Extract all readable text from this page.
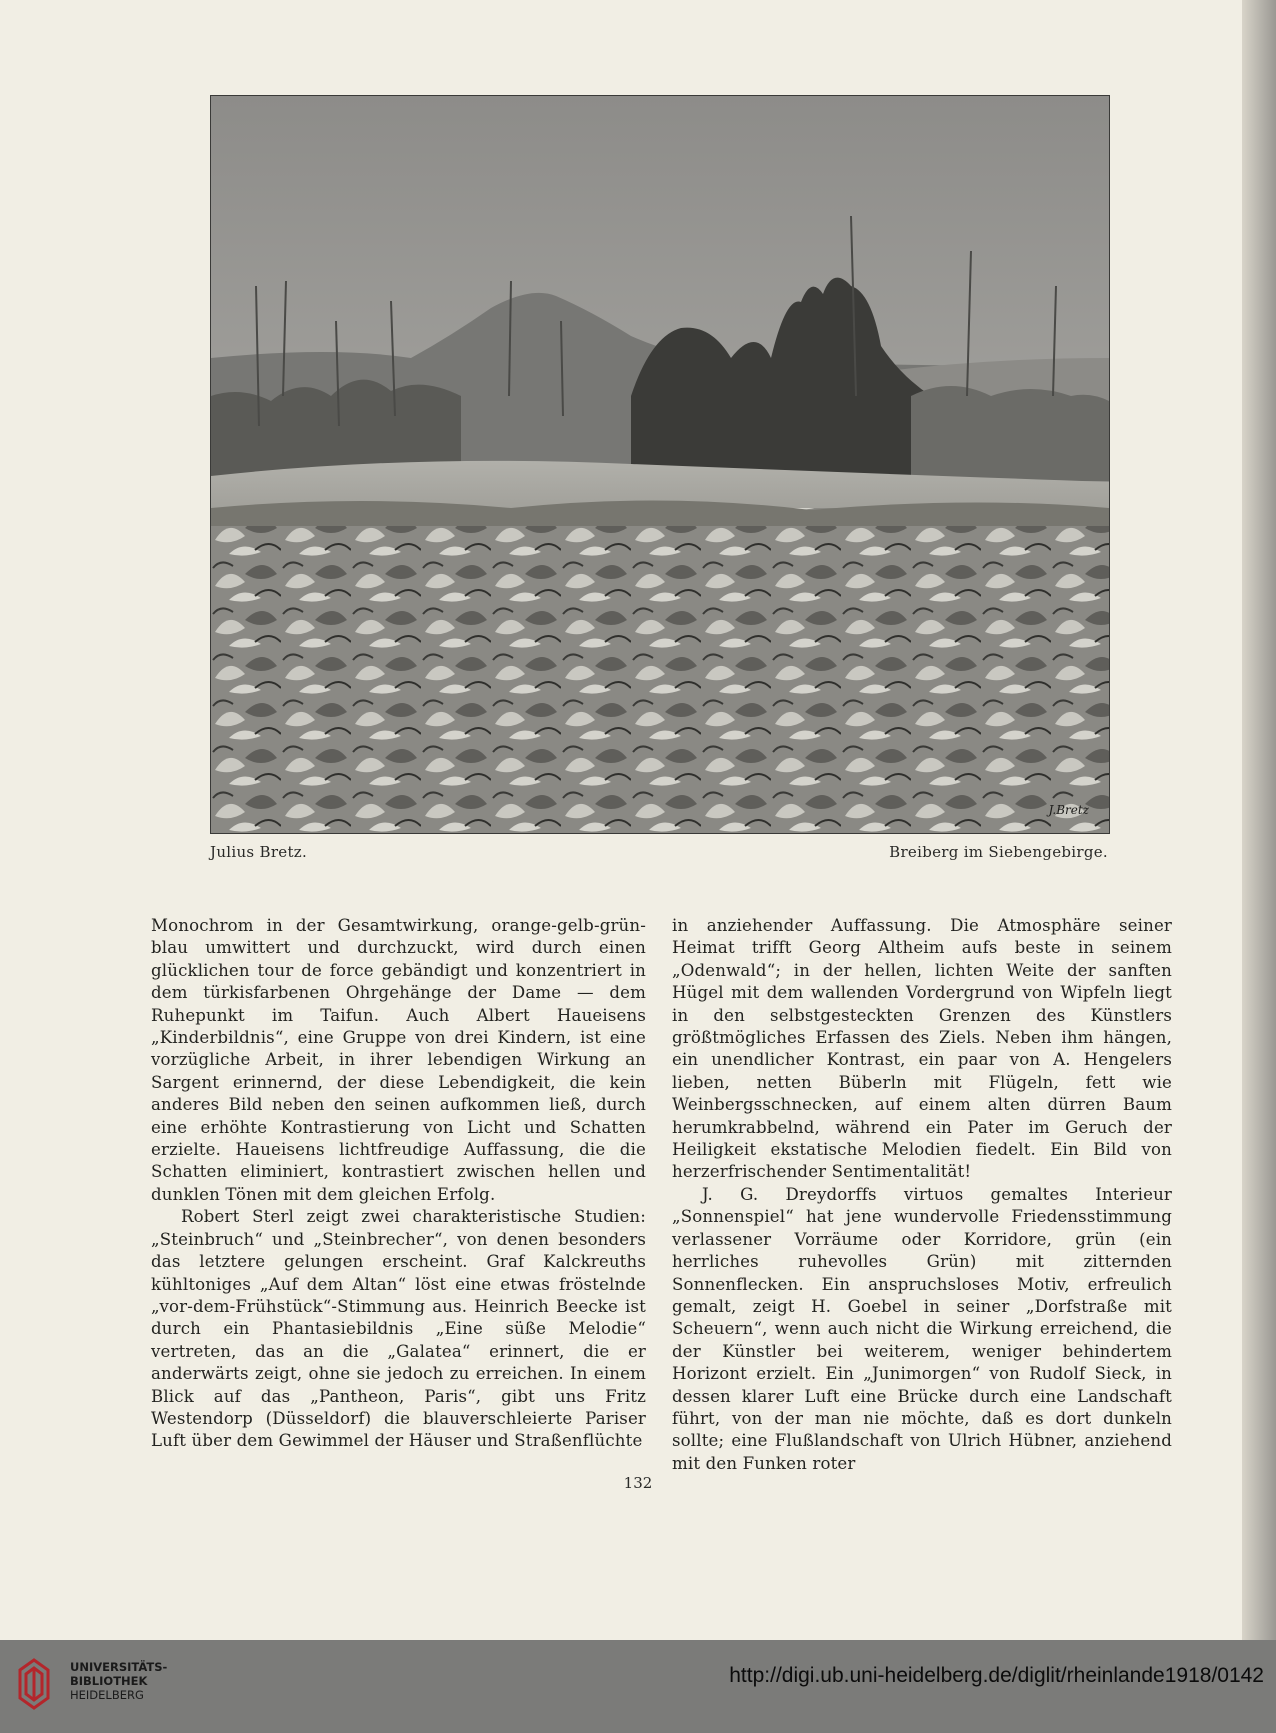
J.Bretz
Julius Bretz.	Breiberg im Siebengebirge.

Monochrom in der Gesamtwirkung, orange-gelb-grün-blau umwittert und durchzuckt, wird durch einen glücklichen tour de force gebändigt und konzentriert in dem türkisfarbenen Ohrgehänge der Dame — dem Ruhepunkt im Taifun. Auch Albert Haueisens „Kinderbildnis“, eine Gruppe von drei Kindern, ist eine vorzügliche Arbeit, in ihrer lebendigen Wirkung an Sargent erinnernd, der diese Lebendigkeit, die kein anderes Bild neben den seinen aufkommen ließ, durch eine erhöhte Kontrastierung von Licht und Schatten erzielte. Haueisens lichtfreudige Auffassung, die die Schatten eliminiert, kontrastiert zwischen hellen und dunklen Tönen mit dem gleichen Erfolg.

Robert Sterl zeigt zwei charakteristische Studien: „Steinbruch“ und „Steinbrecher“, von denen besonders das letztere gelungen erscheint. Graf Kalckreuths kühltoniges „Auf dem Altan“ löst eine etwas fröstelnde „vor-dem-Frühstück“-Stimmung aus. Heinrich Beecke ist durch ein Phantasiebildnis „Eine süße Melodie“ vertreten, das an die „Galatea“ erinnert, die er anderwärts zeigt, ohne sie jedoch zu erreichen. In einem Blick auf das „Pantheon, Paris“, gibt uns Fritz Westendorp (Düsseldorf) die blauverschleierte Pariser Luft über dem Gewimmel der Häuser und Straßenflüchte

in anziehender Auffassung. Die Atmosphäre seiner Heimat trifft Georg Altheim aufs beste in seinem „Odenwald“; in der hellen, lichten Weite der sanften Hügel mit dem wallenden Vordergrund von Wipfeln liegt in den selbstgesteckten Grenzen des Künstlers größtmögliches Erfassen des Ziels. Neben ihm hängen, ein unendlicher Kontrast, ein paar von A. Hengelers lieben, netten Büberln mit Flügeln, fett wie Weinbergsschnecken, auf einem alten dürren Baum herumkrabbelnd, während ein Pater im Geruch der Heiligkeit ekstatische Melodien fiedelt. Ein Bild von herzerfrischender Sentimentalität!

J. G. Dreydorffs virtuos gemaltes Interieur „Sonnenspiel“ hat jene wundervolle Friedensstimmung verlassener Vorräume oder Korridore, grün (ein herrliches ruhevolles Grün) mit zitternden Sonnenflecken. Ein anspruchsloses Motiv, erfreulich gemalt, zeigt H. Goebel in seiner „Dorfstraße mit Scheuern“, wenn auch nicht die Wirkung erreichend, die der Künstler bei weiterem, weniger behindertem Horizont erzielt. Ein „Junimorgen“ von Rudolf Sieck, in dessen klarer Luft eine Brücke durch eine Landschaft führt, von der man nie möchte, daß es dort dunkeln sollte; eine Flußlandschaft von Ulrich Hübner, anziehend mit den Funken roter

132
UNIVERSITÄTS-
BIBLIOTHEK
HEIDELBERG
http://digi.ub.uni-heidelberg.de/diglit/rheinlande1918/0142
